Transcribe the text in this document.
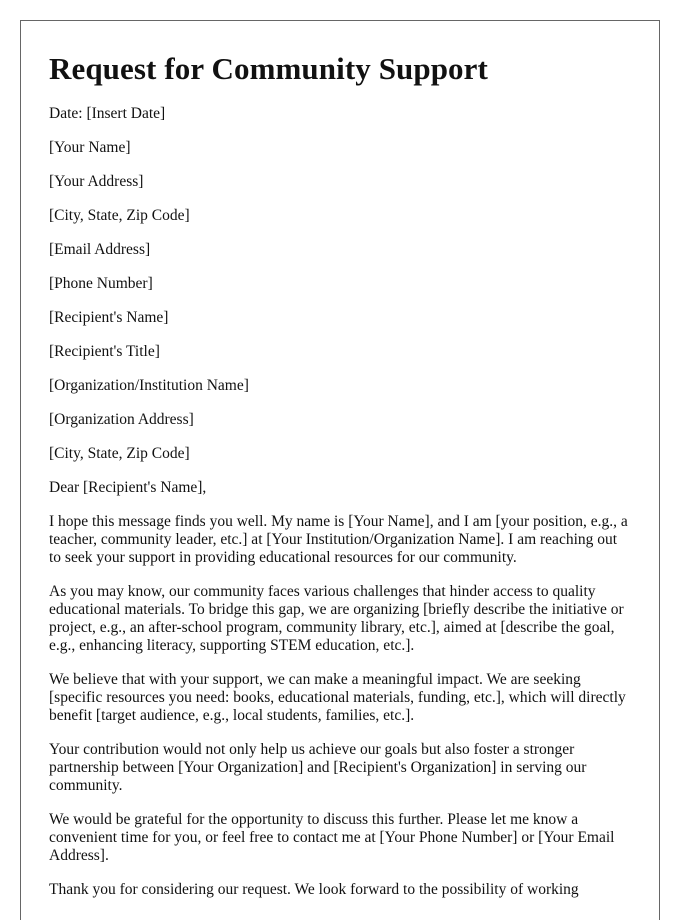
Request for Community Support
Date: [Insert Date]
[Your Name]
[Your Address]
[City, State, Zip Code]
[Email Address]
[Phone Number]
[Recipient's Name]
[Recipient's Title]
[Organization/Institution Name]
[Organization Address]
[City, State, Zip Code]
Dear [Recipient's Name],

I hope this message finds you well. My name is [Your Name], and I am [your position, e.g., a teacher, community leader, etc.] at [Your Institution/Organization Name]. I am reaching out to seek your support in providing educational resources for our community.

As you may know, our community faces various challenges that hinder access to quality educational materials. To bridge this gap, we are organizing [briefly describe the initiative or project, e.g., an after-school program, community library, etc.], aimed at [describe the goal, e.g., enhancing literacy, supporting STEM education, etc.].

We believe that with your support, we can make a meaningful impact. We are seeking [specific resources you need: books, educational materials, funding, etc.], which will directly benefit [target audience, e.g., local students, families, etc.].

Your contribution would not only help us achieve our goals but also foster a stronger partnership between [Your Organization] and [Recipient's Organization] in serving our community.

We would be grateful for the opportunity to discuss this further. Please let me know a convenient time for you, or feel free to contact me at [Your Phone Number] or [Your Email Address].

Thank you for considering our request. We look forward to the possibility of working
